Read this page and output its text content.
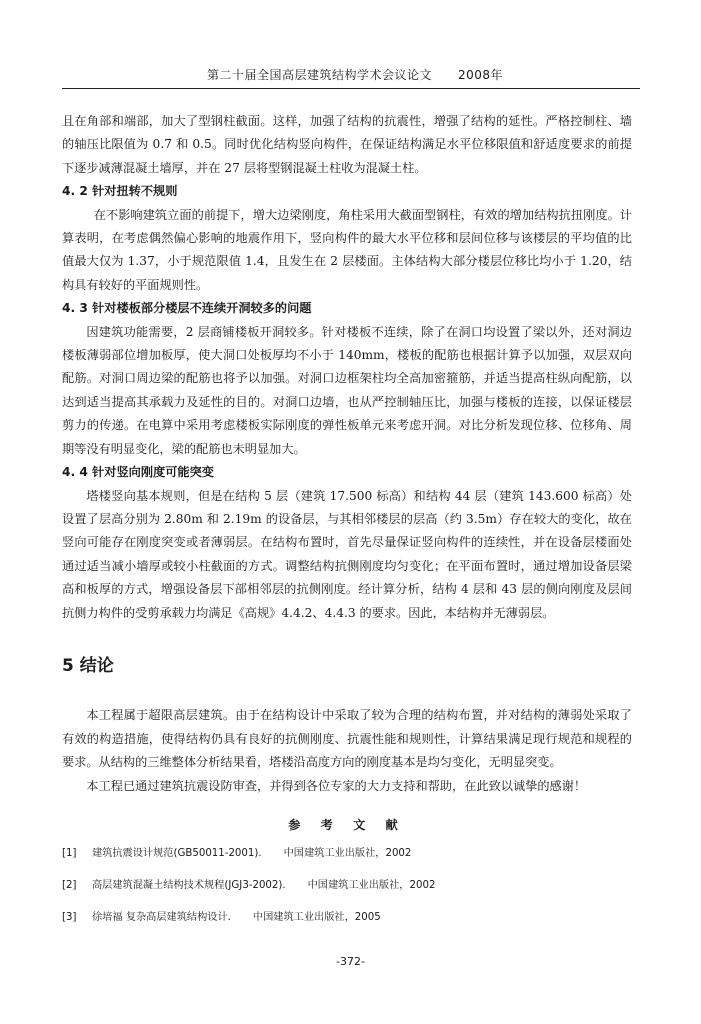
第二十届全国高层建筑结构学术会议论文 2008年

且在角部和端部，加大了型钢柱截面。这样，加强了结构的抗震性，增强了结构的延性。严格控制柱、墙的轴压比限值为 0.7 和 0.5。同时优化结构竖向构件，在保证结构满足水平位移限值和舒适度要求的前提下逐步减薄混凝土墙厚，并在 27 层将型钢混凝土柱收为混凝土柱。

4. 2 针对扭转不规则

在不影响建筑立面的前提下，增大边梁刚度，角柱采用大截面型钢柱，有效的增加结构抗扭刚度。计算表明，在考虑偶然偏心影响的地震作用下，竖向构件的最大水平位移和层间位移与该楼层的平均值的比值最大仅为 1.37，小于规范限值 1.4，且发生在 2 层楼面。主体结构大部分楼层位移比均小于 1.20，结构具有较好的平面规则性。

4. 3 针对楼板部分楼层不连续开洞较多的问题

因建筑功能需要，2 层商铺楼板开洞较多。针对楼板不连续，除了在洞口均设置了梁以外，还对洞边楼板薄弱部位增加板厚，使大洞口处板厚均不小于 140mm，楼板的配筋也根据计算予以加强，双层双向配筋。对洞口周边梁的配筋也将予以加强。对洞口边框架柱均全高加密箍筋，并适当提高柱纵向配筋，以达到适当提高其承载力及延性的目的。对洞口边墙，也从严控制轴压比，加强与楼板的连接，以保证楼层剪力的传递。在电算中采用考虑楼板实际刚度的弹性板单元来考虑开洞。对比分析发现位移、位移角、周期等没有明显变化，梁的配筋也未明显加大。

4. 4 针对竖向刚度可能突变

塔楼竖向基本规则，但是在结构 5 层（建筑 17.500 标高）和结构 44 层（建筑 143.600 标高）处设置了层高分别为 2.80m 和 2.19m 的设备层，与其相邻楼层的层高（约 3.5m）存在较大的变化，故在竖向可能存在刚度突变或者薄弱层。在结构布置时，首先尽量保证竖向构件的连续性，并在设备层楼面处通过适当减小墙厚或较小柱截面的方式。调整结构抗侧刚度均匀变化；在平面布置时，通过增加设备层梁高和板厚的方式，增强设备层下部相邻层的抗侧刚度。经计算分析，结构 4 层和 43 层的侧向刚度及层间抗侧力构件的受剪承载力均满足《高规》4.4.2、4.4.3 的要求。因此，本结构并无薄弱层。

5 结论

本工程属于超限高层建筑。由于在结构设计中采取了较为合理的结构布置，并对结构的薄弱处采取了有效的构造措施，使得结构仍具有良好的抗侧刚度、抗震性能和规则性，计算结果满足现行规范和规程的要求。从结构的三维整体分析结果看，塔楼沿高度方向的刚度基本是均匀变化，无明显突变。

本工程已通过建筑抗震设防审查，并得到各位专家的大力支持和帮助，在此致以诚挚的感谢！

参 考 文 献
[1]	建筑抗震设计规范(GB50011-2001). 中国建筑工业出版社，2002
[2]	高层建筑混凝土结构技术规程(JGJ3-2002). 中国建筑工业出版社，2002
[3]	徐培福 复杂高层建筑结构设计. 中国建筑工业出版社，2005
-372-
